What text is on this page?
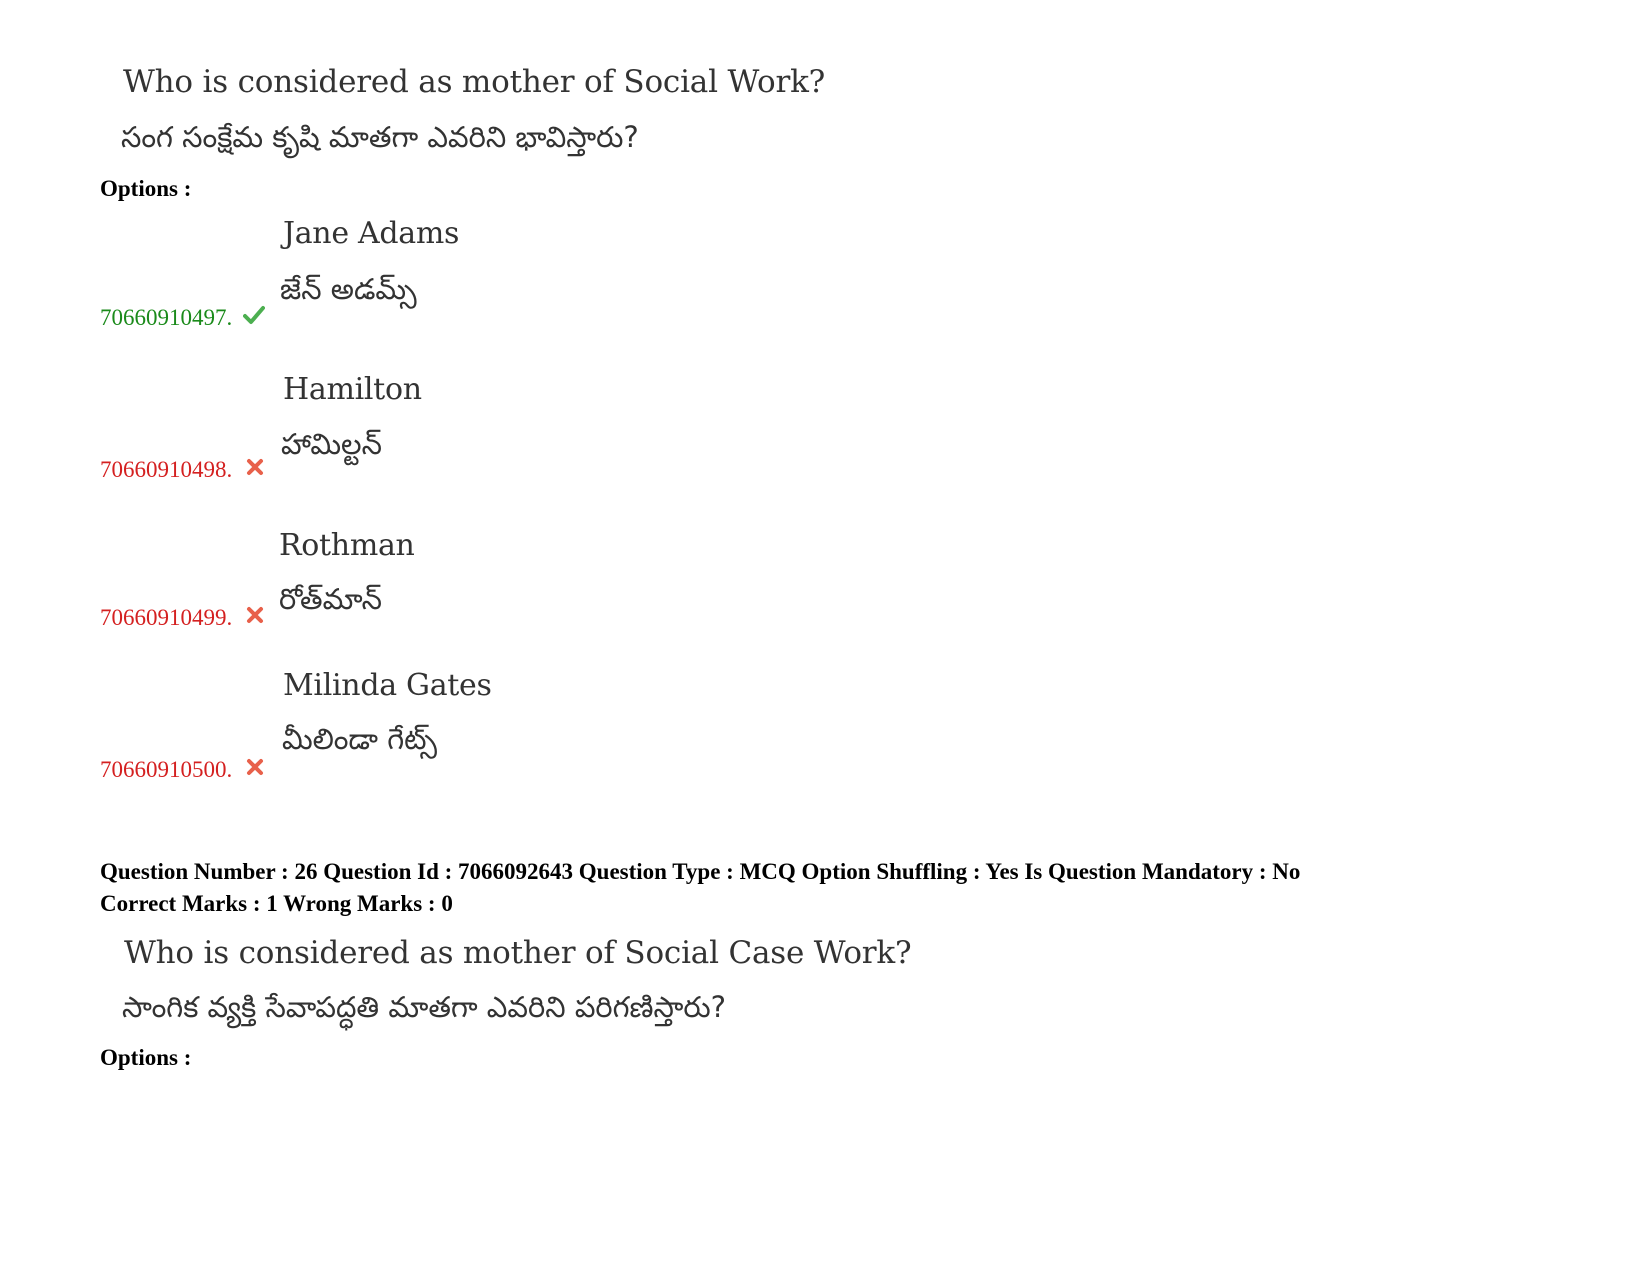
Who is considered as mother of Social Work?
సంగ సంక్షేమ కృషి మాతగా ఎవరిని భావిస్తారు?
Options :
Jane Adams
జేన్ అడమ్స్
70660910497.
Hamilton
హామిల్టన్
70660910498.
Rothman
రోత్‌మాన్
70660910499.
Milinda Gates
మీలిండా గేట్స్
70660910500.
Question Number : 26 Question Id : 7066092643 Question Type : MCQ Option Shuffling : Yes Is Question Mandatory : No
Correct Marks : 1 Wrong Marks : 0
Who is considered as mother of Social Case Work?
సాంగిక వ్యక్తి సేవాపద్ధతి మాతగా ఎవరిని పరిగణిస్తారు?
Options :
